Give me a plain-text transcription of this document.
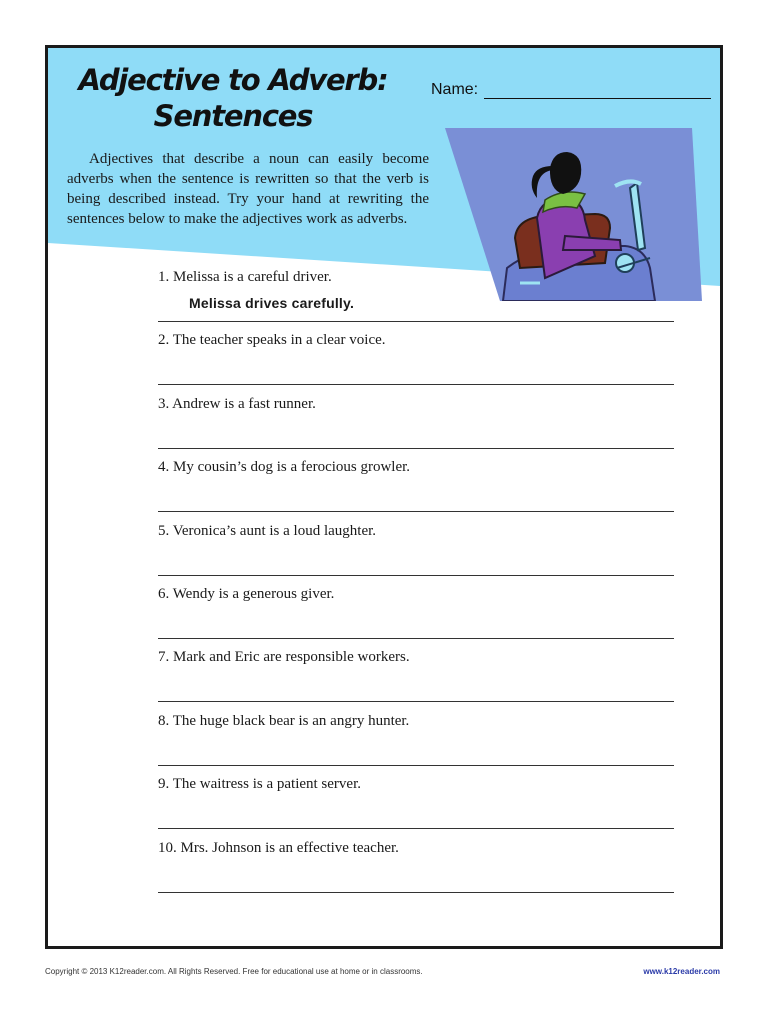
Adjective to Adverb:
Sentences
Name:

Adjectives that describe a noun can easily become adverbs when the sentence is rewritten so that the verb is being described instead. Try your hand at rewriting the sentences below to make the adjectives work as adverbs.

1. Melissa is a careful driver.
Melissa drives carefully.
2. The teacher speaks in a clear voice.
3. Andrew is a fast runner.
4. My cousin’s dog is a ferocious growler.
5. Veronica’s aunt is a loud laughter.
6. Wendy is a generous giver.
7. Mark and Eric are responsible workers.
8. The huge black bear is an angry hunter.
9. The waitress is a patient server.
10. Mrs. Johnson is an effective teacher.
Copyright © 2013 K12reader.com. All Rights Reserved. Free for educational use at home or in classrooms.	www.k12reader.com
